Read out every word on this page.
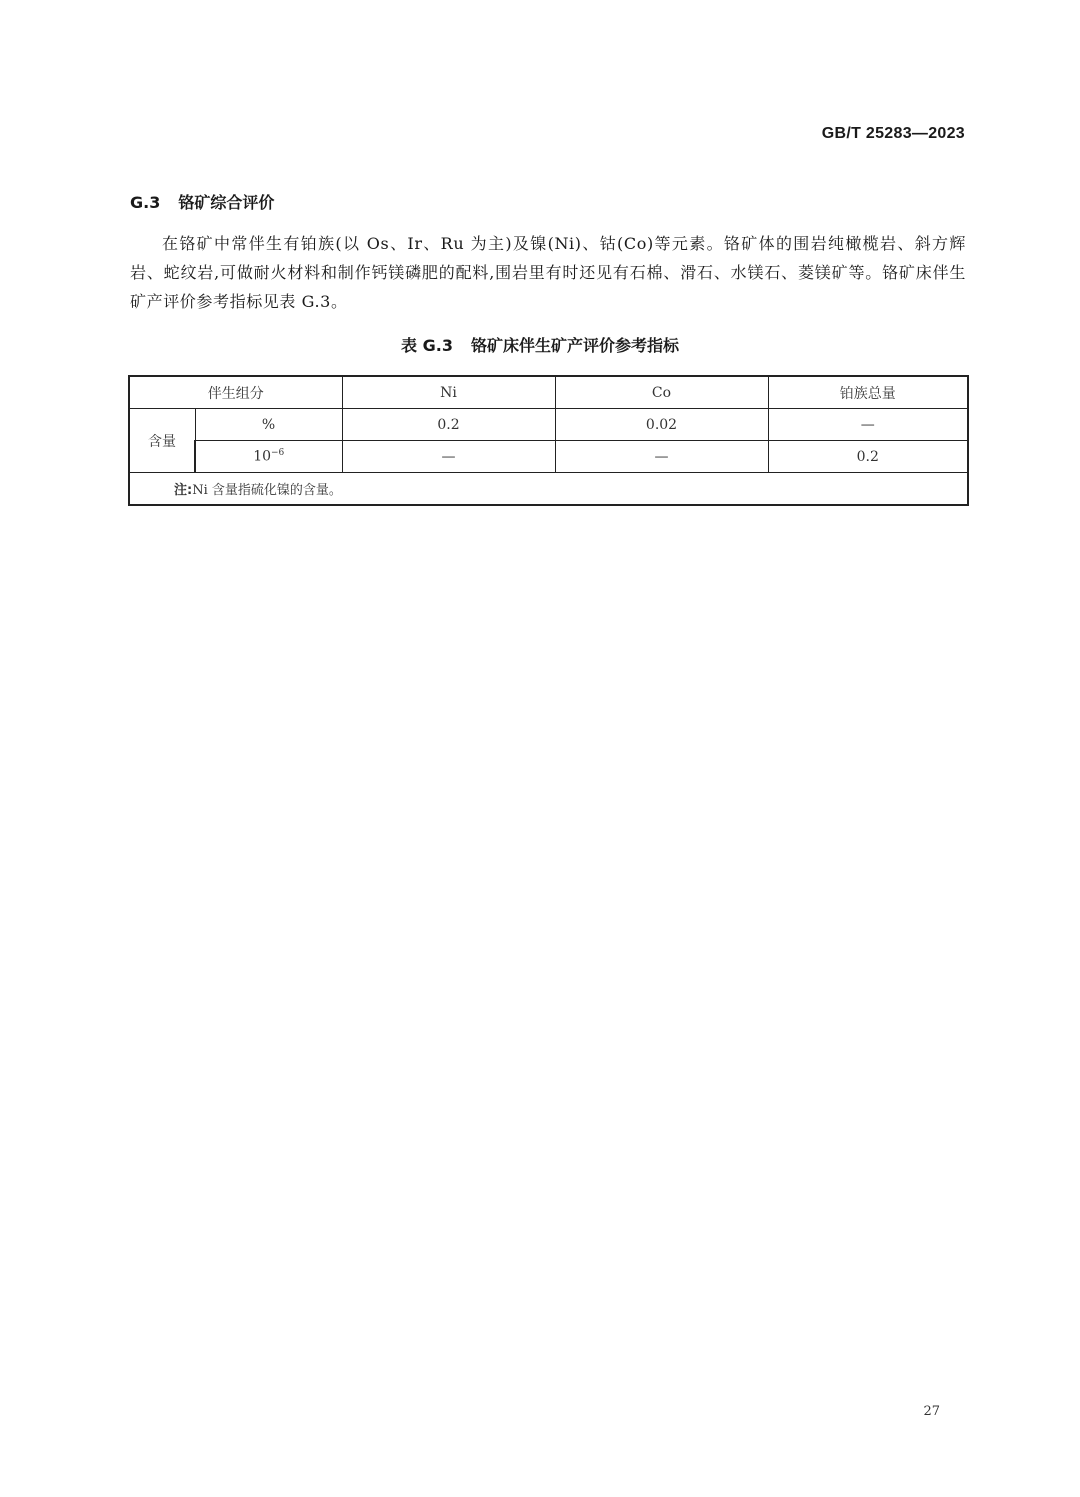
GB/T 25283—2023
G.3 铬矿综合评价
在铬矿中常伴生有铂族(以 Os、Ir、Ru 为主)及镍(Ni)、钴(Co)等元素。铬矿体的围岩纯橄榄岩、斜方辉岩、蛇纹岩,可做耐火材料和制作钙镁磷肥的配料,围岩里有时还见有石棉、滑石、水镁石、菱镁矿等。铬矿床伴生矿产评价参考指标见表 G.3。
表 G.3 铬矿床伴生矿产评价参考指标
伴生组分		Ni	Co	铂族总量
含量	%	0.2	0.02	—
	$10^{-6}$	—	—	0.2
注:Ni 含量指硫化镍的含量。				
27
